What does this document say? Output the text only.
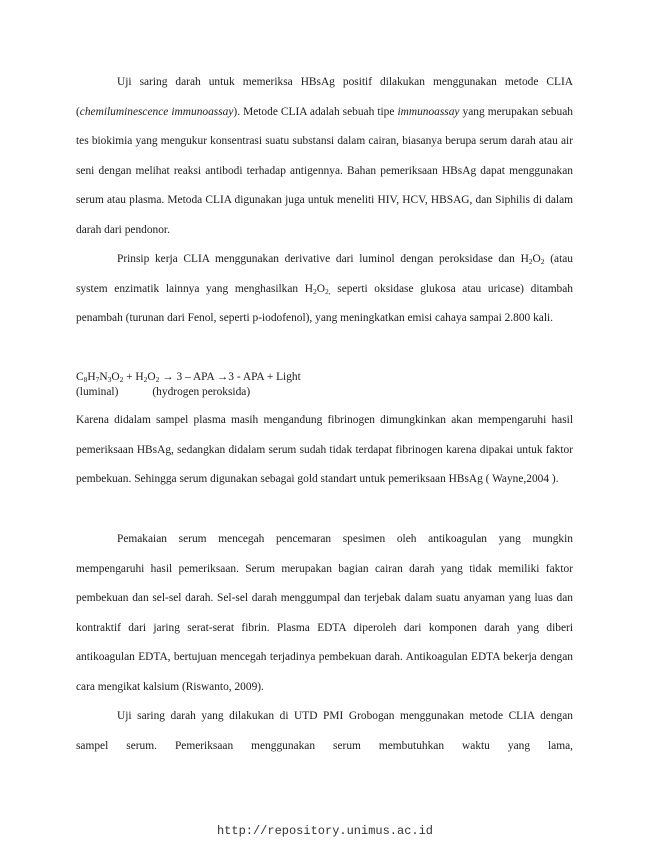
Uji saring darah untuk memeriksa HBsAg positif dilakukan menggunakan metode CLIA (chemiluminescence immunoassay). Metode CLIA adalah sebuah tipe immunoassay yang merupakan sebuah tes biokimia yang mengukur konsentrasi suatu substansi dalam cairan, biasanya berupa serum darah atau air seni dengan melihat reaksi antibodi terhadap antigennya. Bahan pemeriksaan HBsAg dapat menggunakan serum atau plasma. Metoda CLIA digunakan juga untuk meneliti HIV, HCV, HBSAG, dan Siphilis di dalam darah dari pendonor.

Prinsip kerja CLIA menggunakan derivative dari luminol dengan peroksidase dan $H_2O_2$ (atau system enzimatik lainnya yang menghasilkan $H_2O_{2,}$ seperti oksidase glukosa atau uricase) ditambah penambah (turunan dari Fenol, seperti p-iodofenol), yang meningkatkan emisi cahaya sampai 2.800 kali.

$C_8H_7N_3O_2 + H_2O_2 \to 3$ – APA →3 - APA + Light
(luminal)	(hydrogen peroksida)

Karena didalam sampel plasma masih mengandung fibrinogen dimungkinkan akan mempengaruhi hasil pemeriksaan HBsAg, sedangkan didalam serum sudah tidak terdapat fibrinogen karena dipakai untuk faktor pembekuan. Sehingga serum digunakan sebagai gold standart untuk pemeriksaan HBsAg ( Wayne,2004 ).

Pemakaian serum mencegah pencemaran spesimen oleh antikoagulan yang mungkin mempengaruhi hasil pemeriksaan. Serum merupakan bagian cairan darah yang tidak memiliki faktor pembekuan dan sel-sel darah. Sel-sel darah menggumpal dan terjebak dalam suatu anyaman yang luas dan kontraktif dari jaring serat-serat fibrin. Plasma EDTA diperoleh dari komponen darah yang diberi antikoagulan EDTA, bertujuan mencegah terjadinya pembekuan darah. Antikoagulan EDTA bekerja dengan cara mengikat kalsium (Riswanto, 2009).

Uji saring darah yang dilakukan di UTD PMI Grobogan menggunakan metode CLIA dengan sampel serum. Pemeriksaan menggunakan serum membutuhkan waktu yang lama,

http://repository.unimus.ac.id
